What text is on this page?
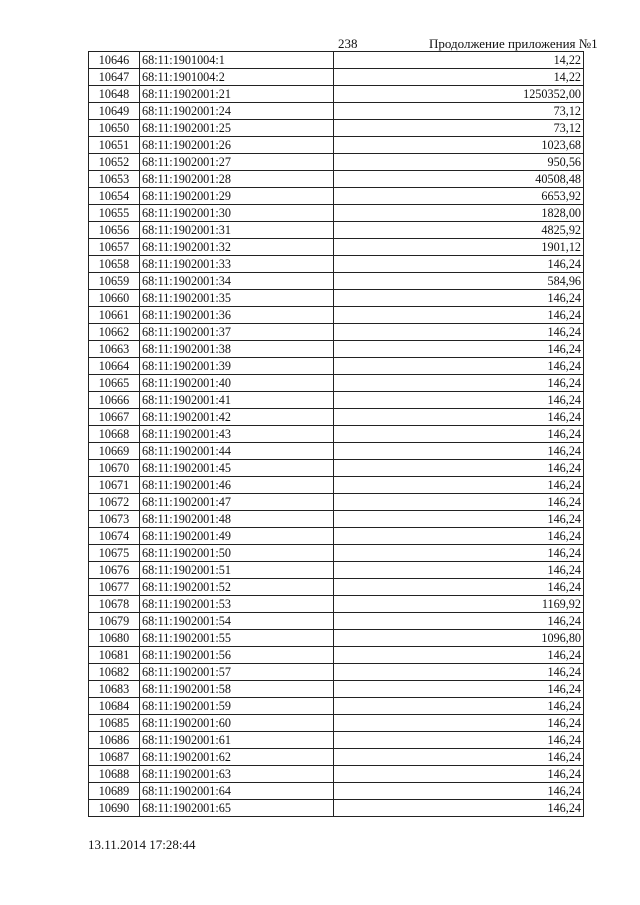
238	Продолжение приложения №1
10646	68:11:1901004:1	14,22
10647	68:11:1901004:2	14,22
10648	68:11:1902001:21	1250352,00
10649	68:11:1902001:24	73,12
10650	68:11:1902001:25	73,12
10651	68:11:1902001:26	1023,68
10652	68:11:1902001:27	950,56
10653	68:11:1902001:28	40508,48
10654	68:11:1902001:29	6653,92
10655	68:11:1902001:30	1828,00
10656	68:11:1902001:31	4825,92
10657	68:11:1902001:32	1901,12
10658	68:11:1902001:33	146,24
10659	68:11:1902001:34	584,96
10660	68:11:1902001:35	146,24
10661	68:11:1902001:36	146,24
10662	68:11:1902001:37	146,24
10663	68:11:1902001:38	146,24
10664	68:11:1902001:39	146,24
10665	68:11:1902001:40	146,24
10666	68:11:1902001:41	146,24
10667	68:11:1902001:42	146,24
10668	68:11:1902001:43	146,24
10669	68:11:1902001:44	146,24
10670	68:11:1902001:45	146,24
10671	68:11:1902001:46	146,24
10672	68:11:1902001:47	146,24
10673	68:11:1902001:48	146,24
10674	68:11:1902001:49	146,24
10675	68:11:1902001:50	146,24
10676	68:11:1902001:51	146,24
10677	68:11:1902001:52	146,24
10678	68:11:1902001:53	1169,92
10679	68:11:1902001:54	146,24
10680	68:11:1902001:55	1096,80
10681	68:11:1902001:56	146,24
10682	68:11:1902001:57	146,24
10683	68:11:1902001:58	146,24
10684	68:11:1902001:59	146,24
10685	68:11:1902001:60	146,24
10686	68:11:1902001:61	146,24
10687	68:11:1902001:62	146,24
10688	68:11:1902001:63	146,24
10689	68:11:1902001:64	146,24
10690	68:11:1902001:65	146,24
13.11.2014 17:28:44
